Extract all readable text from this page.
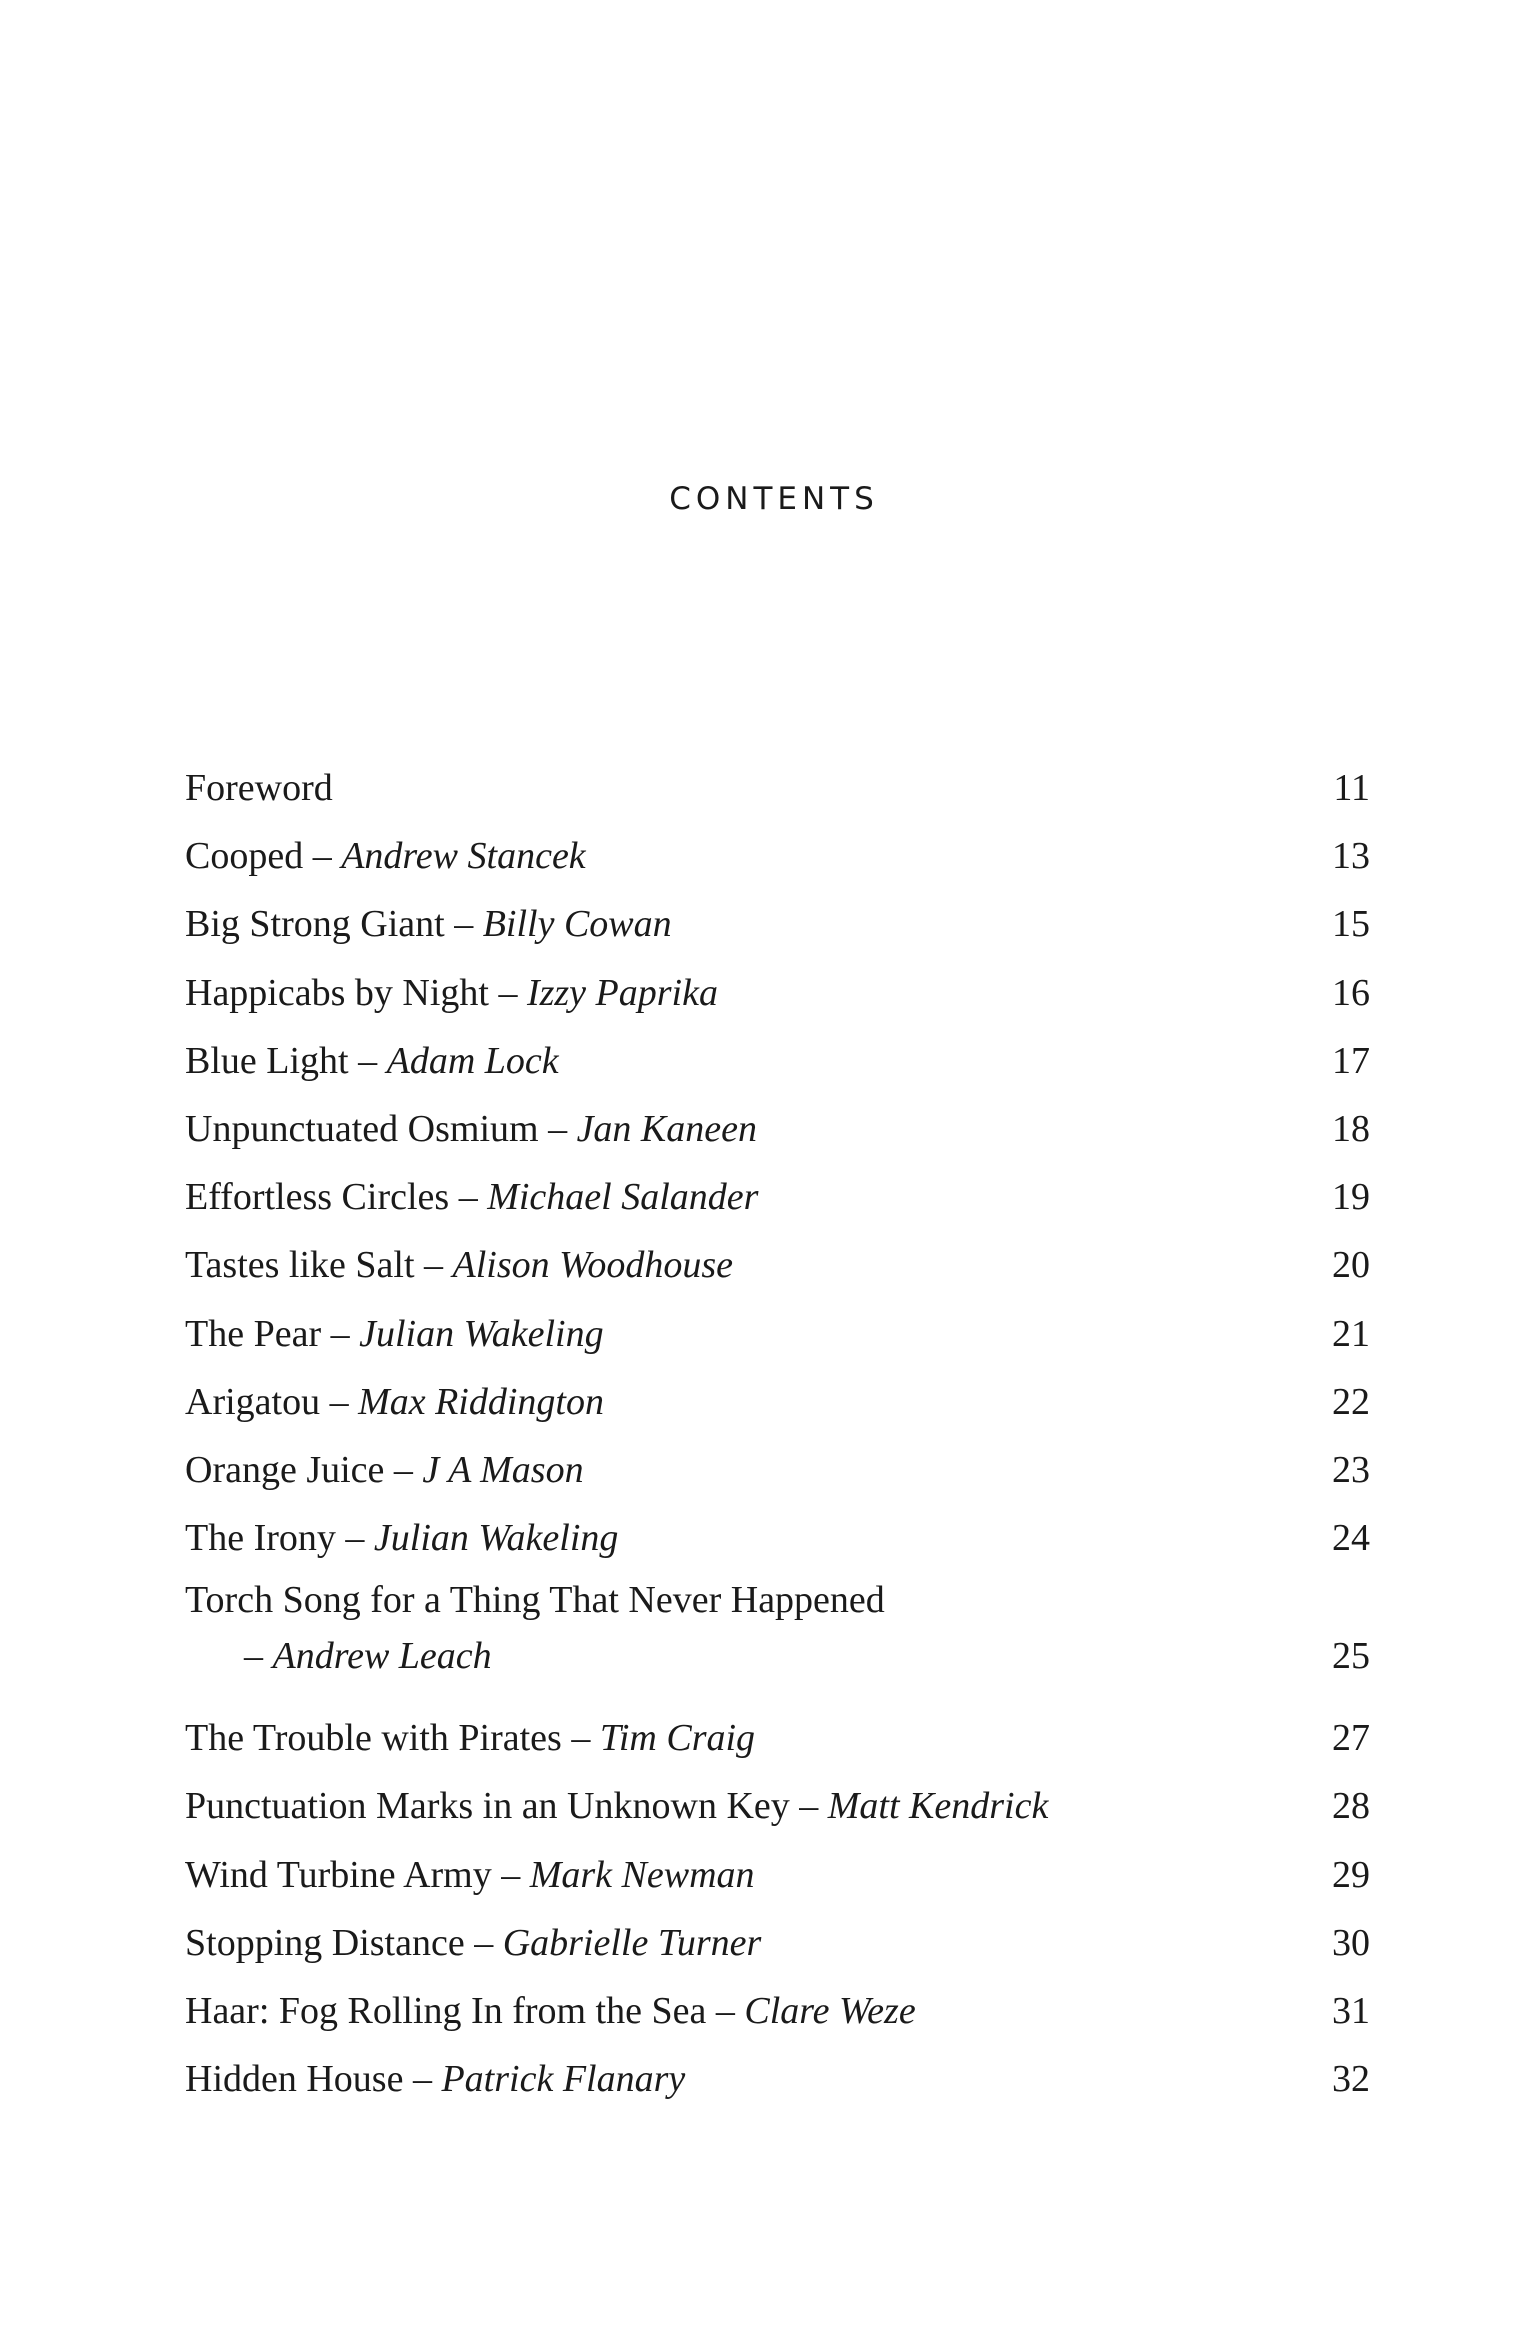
CONTENTS
Foreword	11
Cooped – Andrew Stancek	13
Big Strong Giant – Billy Cowan	15
Happicabs by Night – Izzy Paprika	16
Blue Light – Adam Lock	17
Unpunctuated Osmium – Jan Kaneen	18
Effortless Circles – Michael Salander	19
Tastes like Salt – Alison Woodhouse	20
The Pear – Julian Wakeling	21
Arigatou – Max Riddington	22
Orange Juice – J A Mason	23
The Irony – Julian Wakeling	24
Torch Song for a Thing That Never Happened
– Andrew Leach	25
The Trouble with Pirates – Tim Craig	27
Punctuation Marks in an Unknown Key – Matt Kendrick	28
Wind Turbine Army – Mark Newman	29
Stopping Distance – Gabrielle Turner	30
Haar: Fog Rolling In from the Sea – Clare Weze	31
Hidden House – Patrick Flanary	32
